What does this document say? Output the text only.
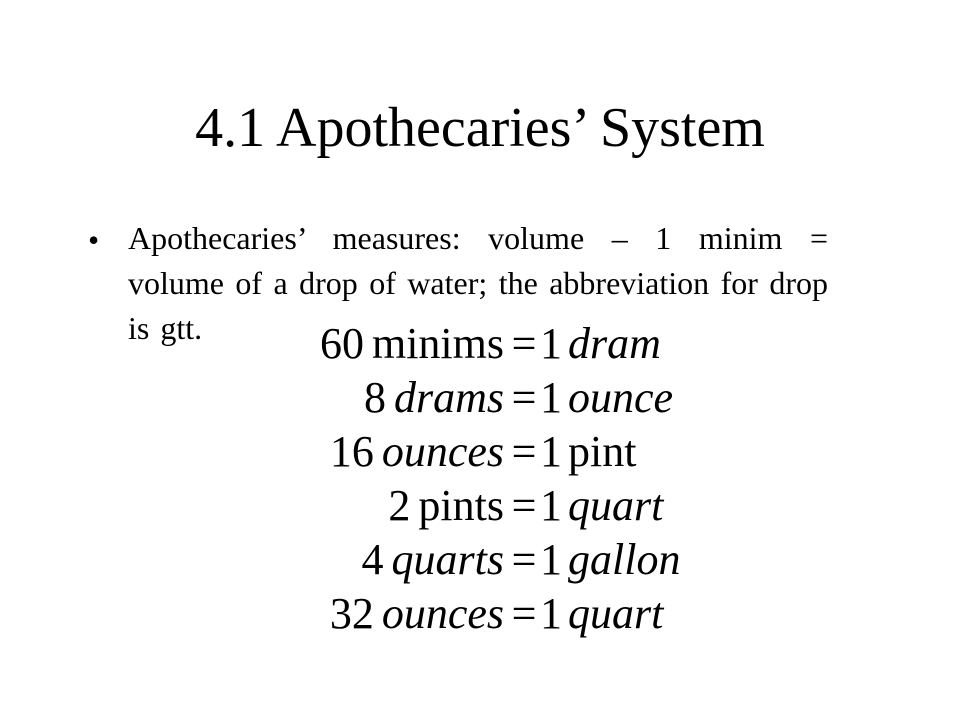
4.1 Apothecaries’ System
• Apothecaries’ measures: volume – 1 minim = volume of a drop of water; the abbreviation for drop is gtt.	60 minims = 1 dram
8 drams = 1 ounce
16 ounces = 1 pint
2 pints = 1 quart
4 quarts = 1 gallon
32 ounces = 1 quart
